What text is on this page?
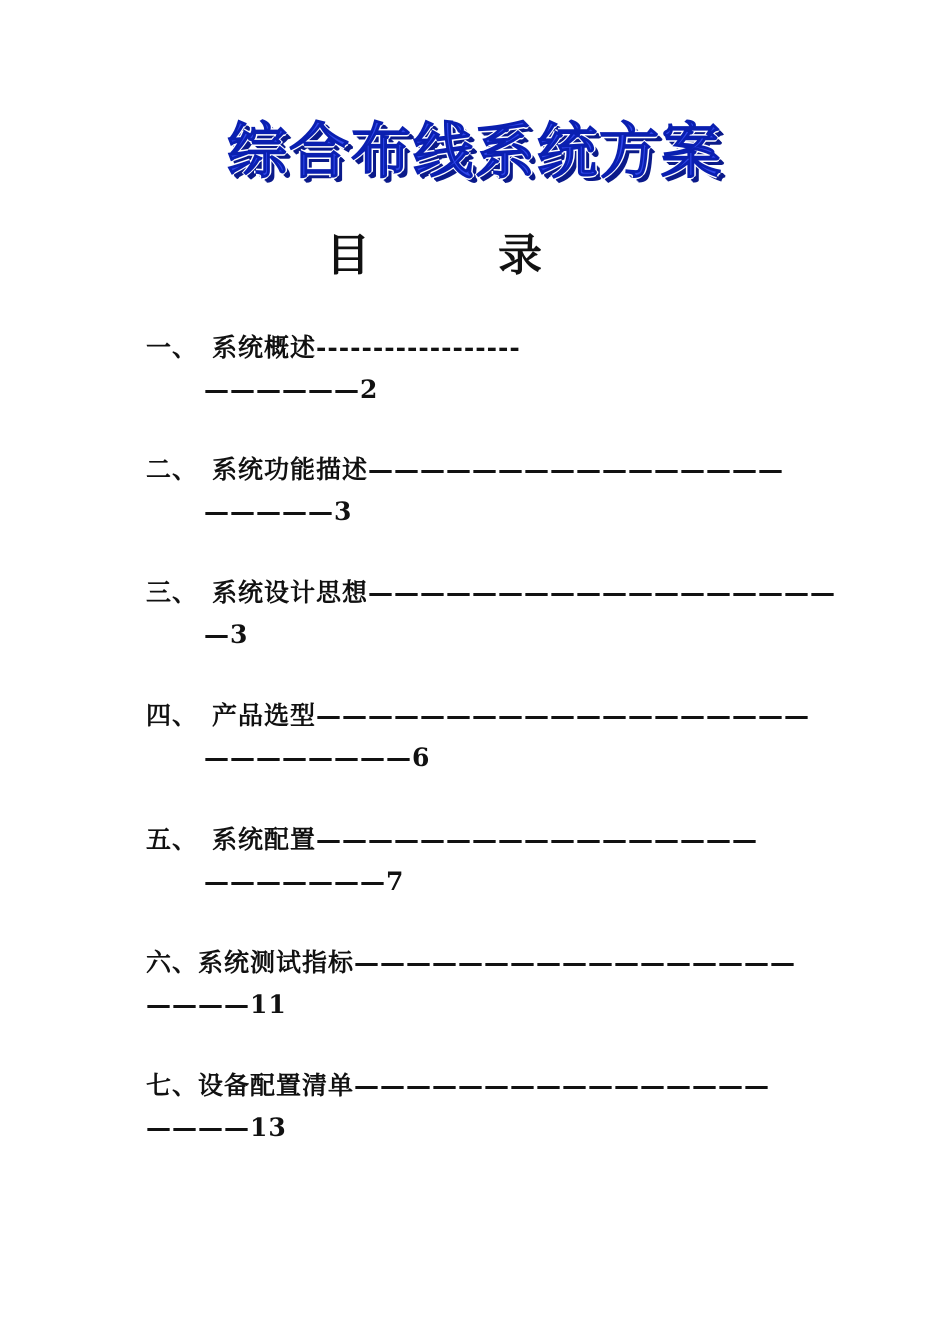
综合布线系统方案
目	录
一、 系统概述------------------
——————2
二、 系统功能描述————————————————
—————3
三、 系统设计思想——————————————————
—3
四、 产品选型———————————————————
————————6
五、 系统配置—————————————————
———————7
六、系统测试指标—————————————————
————11
七、设备配置清单————————————————
————13
